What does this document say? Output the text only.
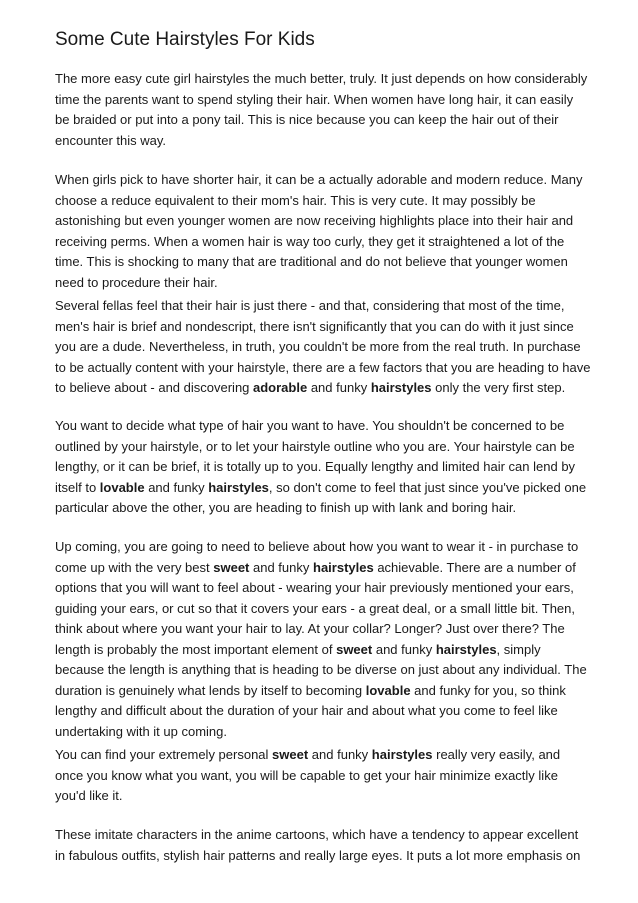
Some Cute Hairstyles For Kids
The more easy cute girl hairstyles the much better, truly. It just depends on how considerably
time the parents want to spend styling their hair. When women have long hair, it can easily
be braided or put into a pony tail. This is nice because you can keep the hair out of their
encounter this way.
When girls pick to have shorter hair, it can be a actually adorable and modern reduce. Many
choose a reduce equivalent to their mom's hair. This is very cute. It may possibly be
astonishing but even younger women are now receiving highlights place into their hair and
receiving perms. When a women hair is way too curly, they get it straightened a lot of the
time. This is shocking to many that are traditional and do not believe that younger women
need to procedure their hair.
Several fellas feel that their hair is just there - and that, considering that most of the time,
men's hair is brief and nondescript, there isn't significantly that you can do with it just since
you are a dude. Nevertheless, in truth, you couldn't be more from the real truth. In purchase
to be actually content with your hairstyle, there are a few factors that you are heading to have
to believe about - and discovering adorable and funky hairstyles only the very first step.
You want to decide what type of hair you want to have. You shouldn't be concerned to be
outlined by your hairstyle, or to let your hairstyle outline who you are. Your hairstyle can be
lengthy, or it can be brief, it is totally up to you. Equally lengthy and limited hair can lend by
itself to lovable and funky hairstyles, so don't come to feel that just since you've picked one
particular above the other, you are heading to finish up with lank and boring hair.
Up coming, you are going to need to believe about how you want to wear it - in purchase to
come up with the very best sweet and funky hairstyles achievable. There are a number of
options that you will want to feel about - wearing your hair previously mentioned your ears,
guiding your ears, or cut so that it covers your ears - a great deal, or a small little bit. Then,
think about where you want your hair to lay. At your collar? Longer? Just over there? The
length is probably the most important element of sweet and funky hairstyles, simply
because the length is anything that is heading to be diverse on just about any individual. The
duration is genuinely what lends by itself to becoming lovable and funky for you, so think
lengthy and difficult about the duration of your hair and about what you come to feel like
undertaking with it up coming.
You can find your extremely personal sweet and funky hairstyles really very easily, and
once you know what you want, you will be capable to get your hair minimize exactly like
you'd like it.
These imitate characters in the anime cartoons, which have a tendency to appear excellent
in fabulous outfits, stylish hair patterns and really large eyes. It puts a lot more emphasis on
